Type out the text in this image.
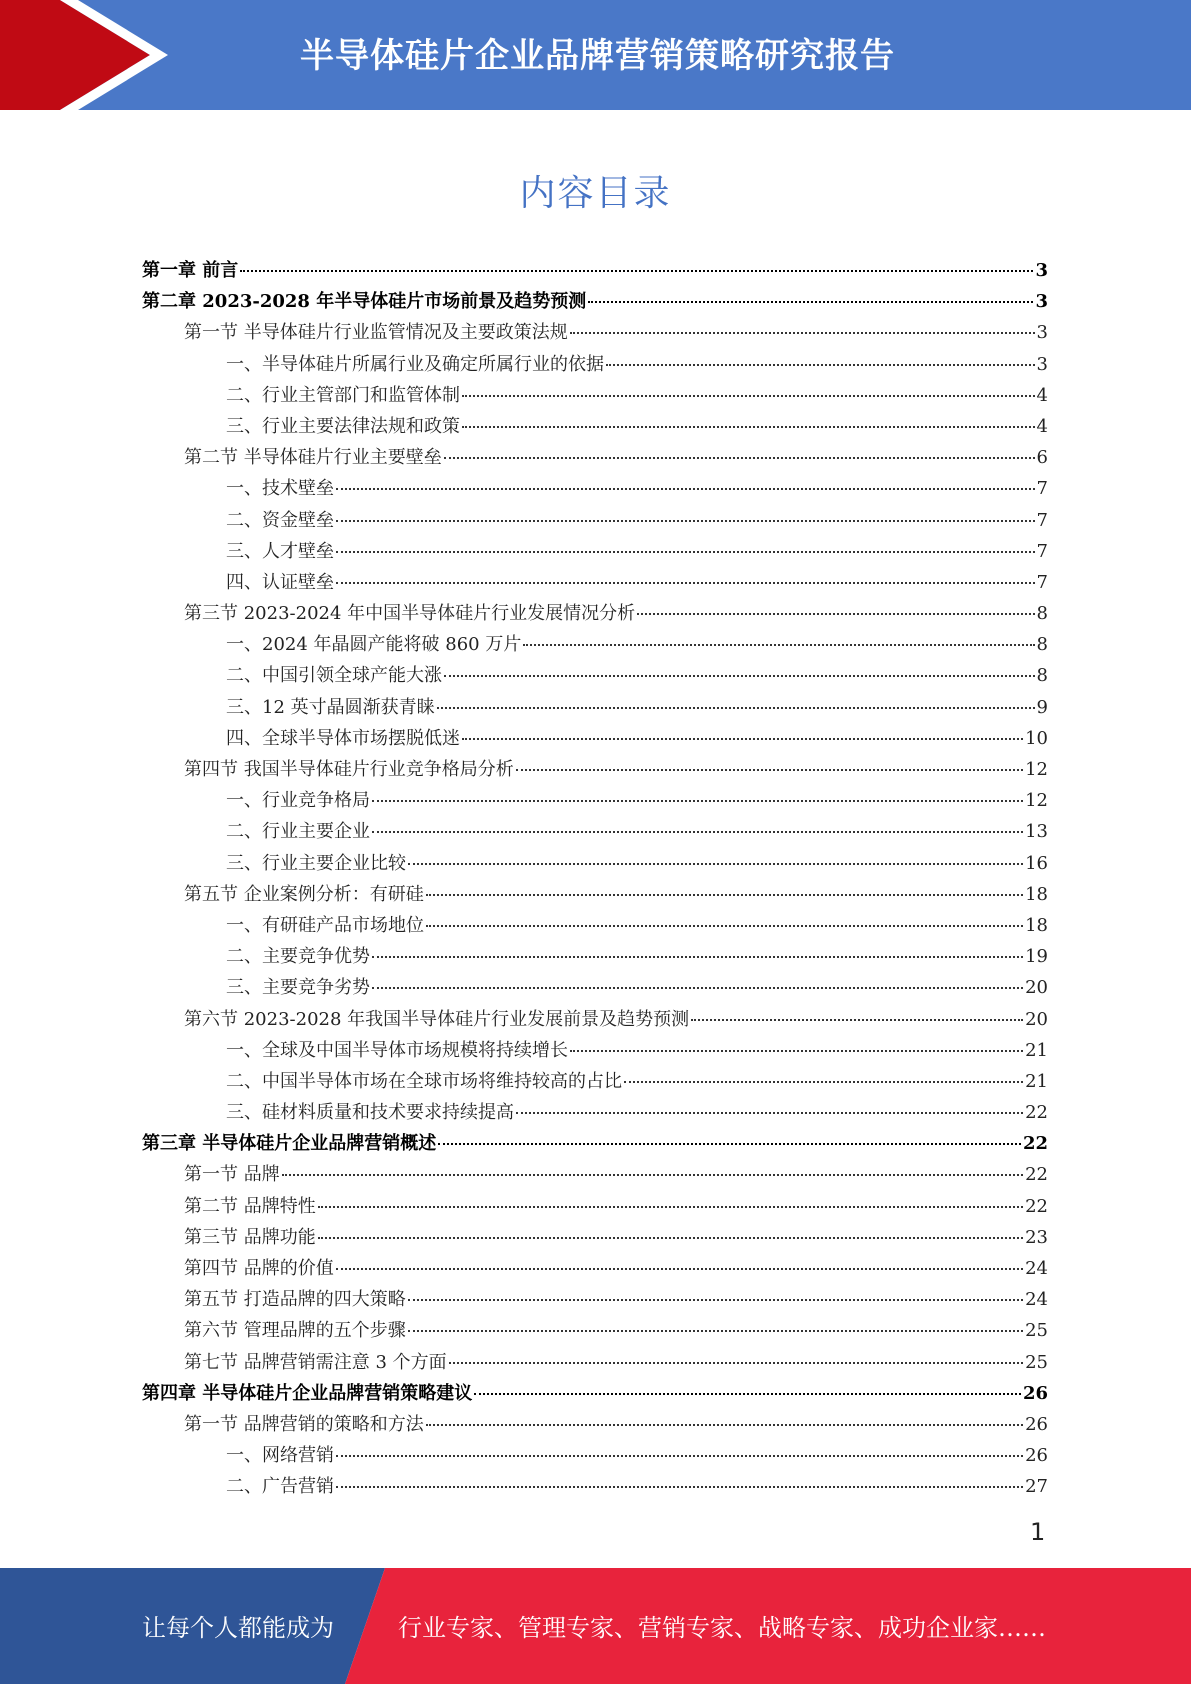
半导体硅片企业品牌营销策略研究报告
内容目录
第一章 前言	3
第二章 2023-2028 年半导体硅片市场前景及趋势预测	3
第一节 半导体硅片行业监管情况及主要政策法规	3
一、半导体硅片所属行业及确定所属行业的依据	3
二、行业主管部门和监管体制	4
三、行业主要法律法规和政策	4
第二节 半导体硅片行业主要壁垒	6
一、技术壁垒	7
二、资金壁垒	7
三、人才壁垒	7
四、认证壁垒	7
第三节 2023-2024 年中国半导体硅片行业发展情况分析	8
一、2024 年晶圆产能将破 860 万片	8
二、中国引领全球产能大涨	8
三、12 英寸晶圆渐获青睐	9
四、全球半导体市场摆脱低迷	10
第四节 我国半导体硅片行业竞争格局分析	12
一、行业竞争格局	12
二、行业主要企业	13
三、行业主要企业比较	16
第五节 企业案例分析：有研硅	18
一、有研硅产品市场地位	18
二、主要竞争优势	19
三、主要竞争劣势	20
第六节 2023-2028 年我国半导体硅片行业发展前景及趋势预测	20
一、全球及中国半导体市场规模将持续增长	21
二、中国半导体市场在全球市场将维持较高的占比	21
三、硅材料质量和技术要求持续提高	22
第三章 半导体硅片企业品牌营销概述	22
第一节 品牌	22
第二节 品牌特性	22
第三节 品牌功能	23
第四节 品牌的价值	24
第五节 打造品牌的四大策略	24
第六节 管理品牌的五个步骤	25
第七节 品牌营销需注意 3 个方面	25
第四章 半导体硅片企业品牌营销策略建议	26
第一节 品牌营销的策略和方法	26
一、网络营销	26
二、广告营销	27
1
让每个人都能成为	行业专家、管理专家、营销专家、战略专家、成功企业家……
